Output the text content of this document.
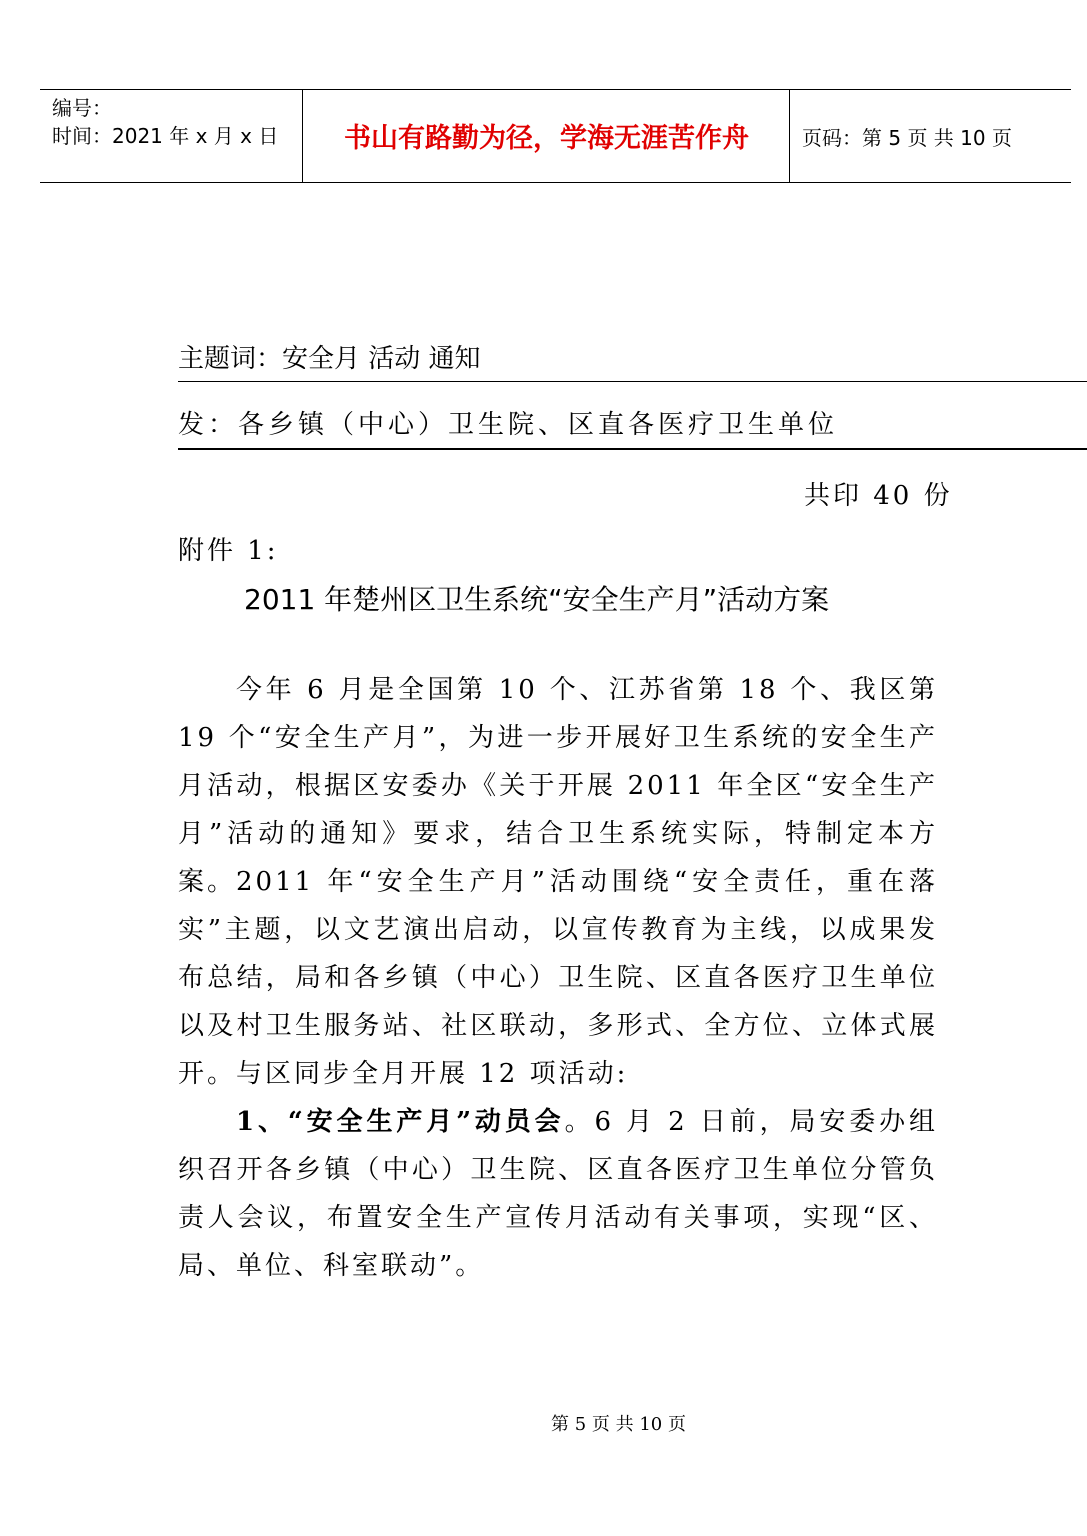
编号：
时间：2021 年 x 月 x 日	书山有路勤为径，学海无涯苦作舟	页码：第 5 页 共 10 页
主题词：安全月 活动 通知
发：各乡镇（中心）卫生院、区直各医疗卫生单位
共印 40 份
附件 1:
2011 年楚州区卫生系统“安全生产月”活动方案

今年 6 月是全国第 10 个、江苏省第 18 个、我区第 19 个“安全生产月”，为进一步开展好卫生系统的安全生产月活动，根据区安委办《关于开展 2011 年全区“安全生产月”活动的通知》要求，结合卫生系统实际，特制定本方案。 2011 年“安全生产月”活动围绕“安全责任，重在落实”主题，以文艺演出启动，以宣传教育为主线，以成果发布总结，局和各乡镇（中心）卫生院、区直各医疗卫生单位以及村卫生服务站、社区联动，多形式、全方位、立体式展开。 与区同步全月开展 12 项活动:

1、“安全生产月”动员会。6 月 2 日前，局安委办组织召开各乡镇（中心）卫生院、区直各医疗卫生单位分管负责人会议，布置安全生产宣传月活动有关事项，实现“区、局、单位、科室联动”。

第 5 页 共 10 页
